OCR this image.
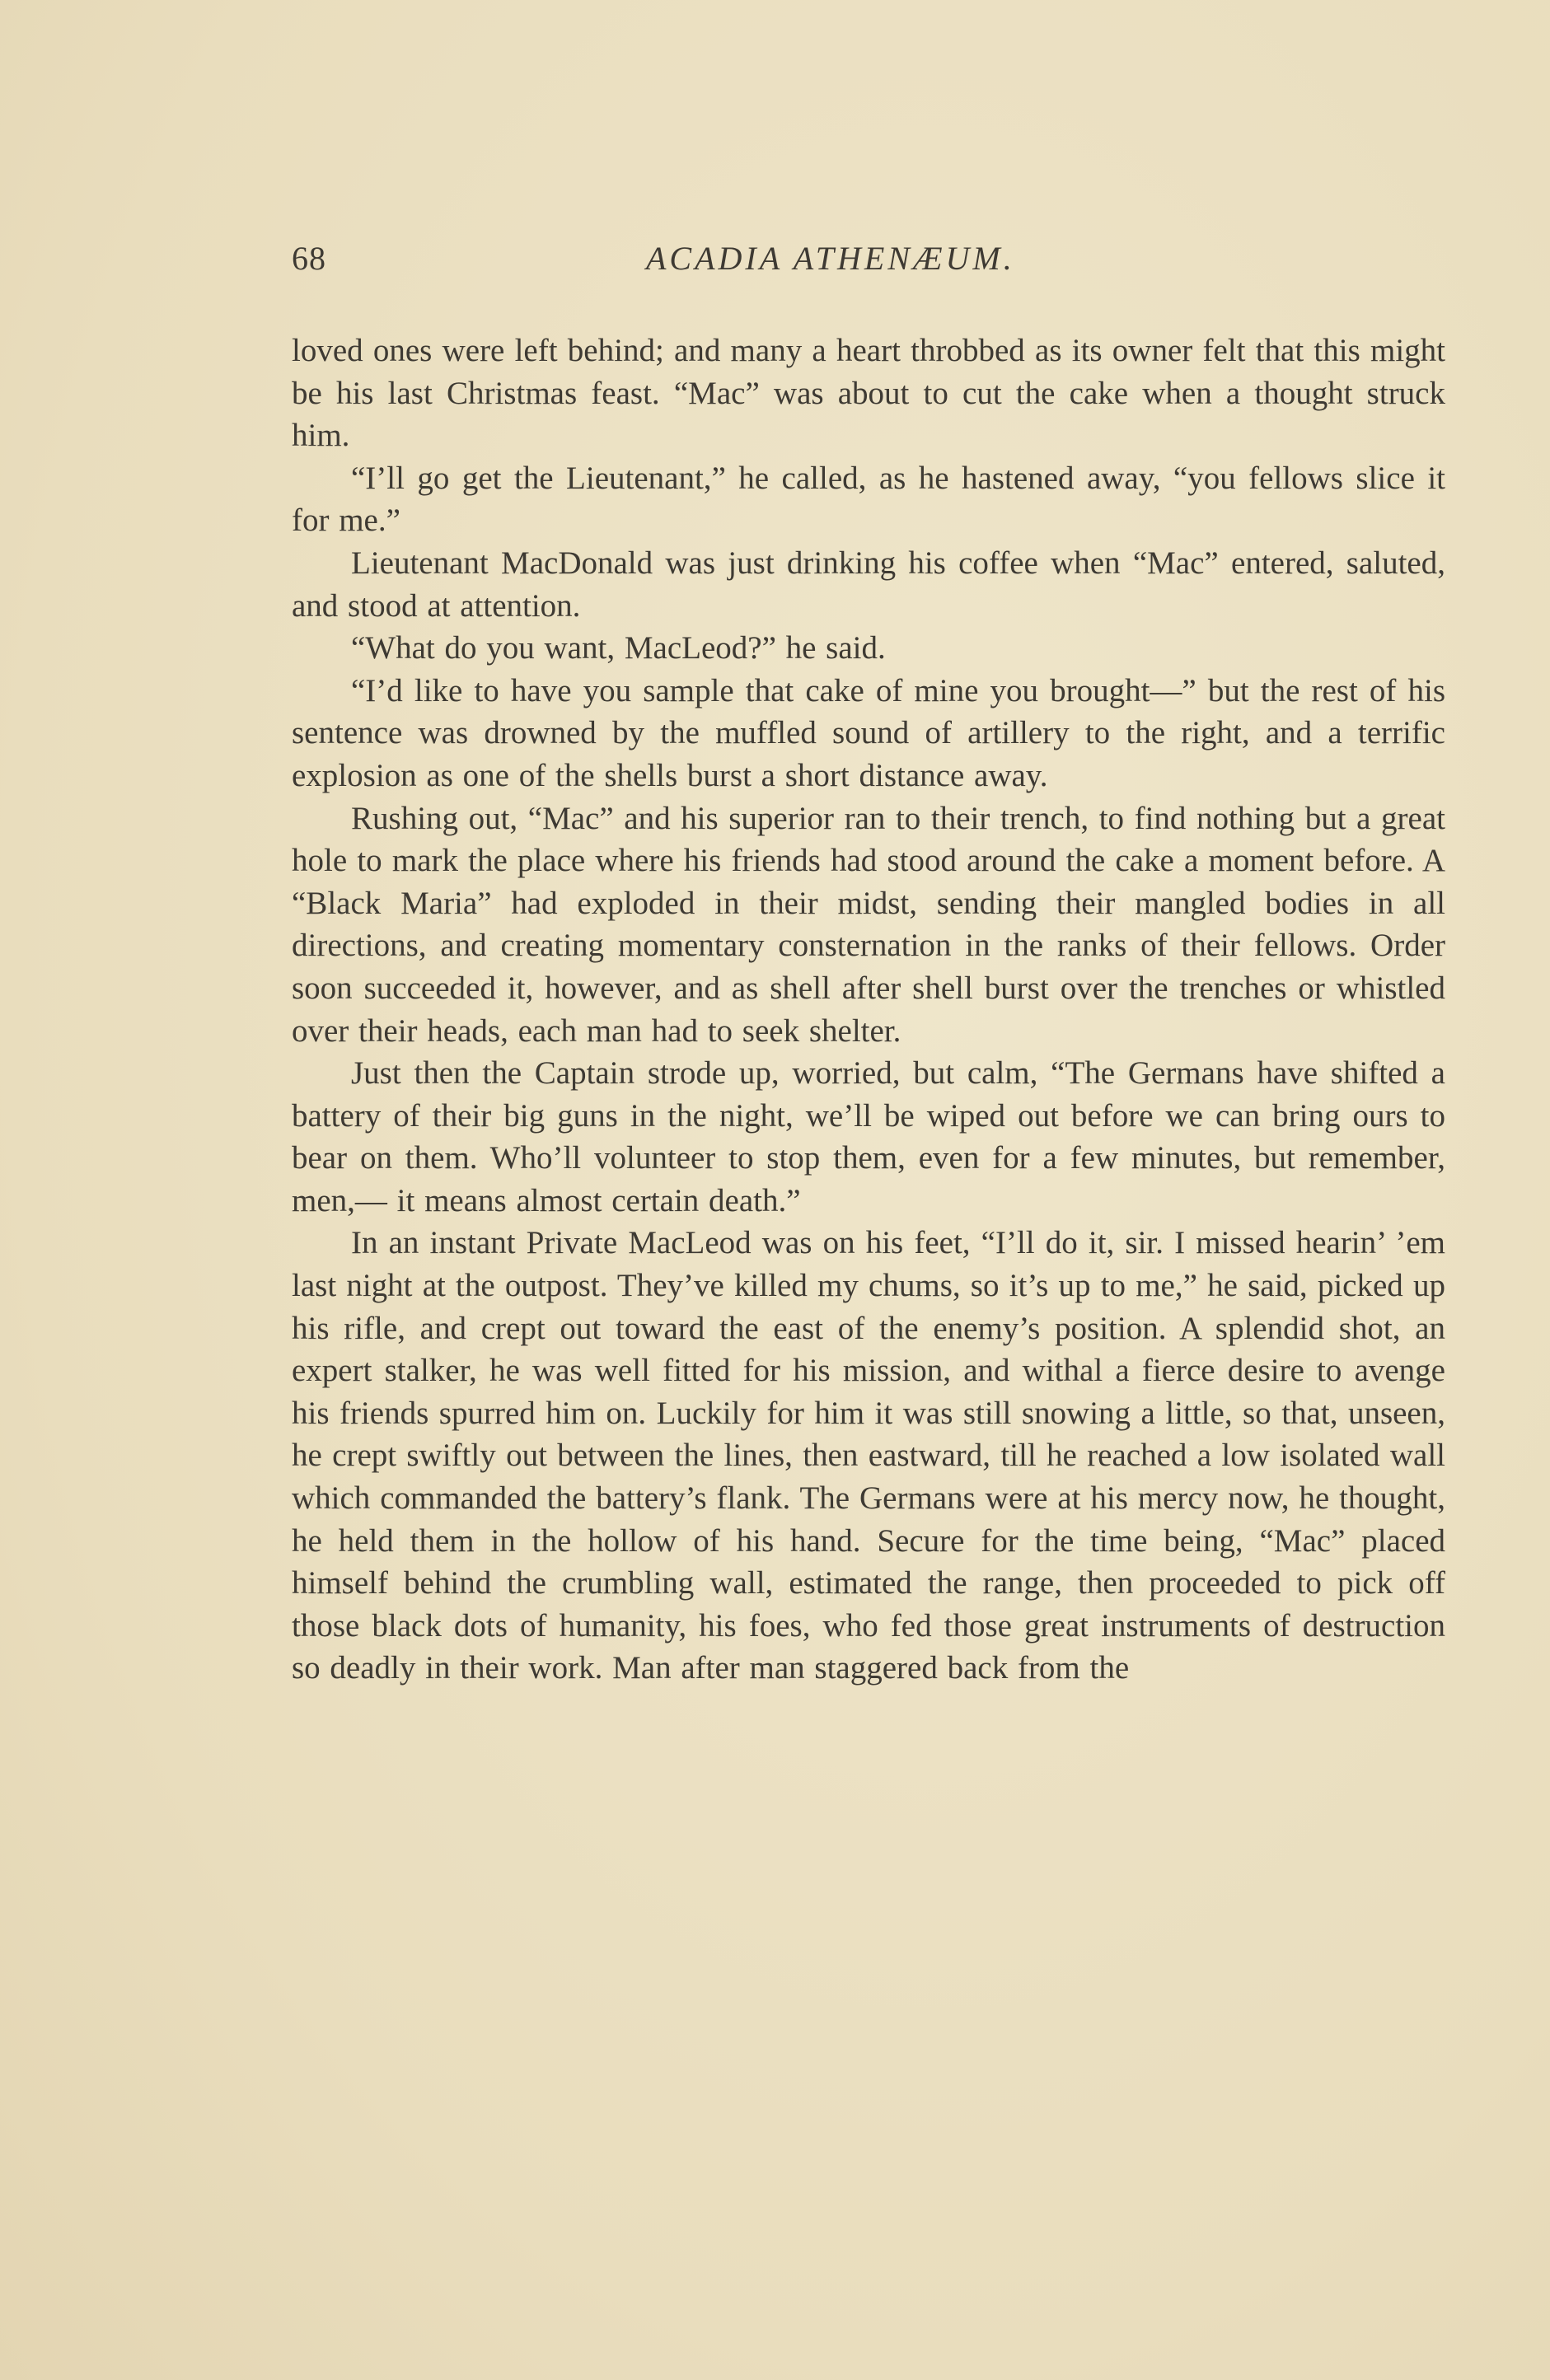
68	ACADIA ATHENÆUM.

loved ones were left behind; and many a heart throbbed as its owner felt that this might be his last Christmas feast. “Mac” was about to cut the cake when a thought struck him.

“I’ll go get the Lieutenant,” he called, as he hastened away, “you fellows slice it for me.”

Lieutenant MacDonald was just drinking his coffee when “Mac” entered, saluted, and stood at attention.

“What do you want, MacLeod?” he said.

“I’d like to have you sample that cake of mine you brought—” but the rest of his sentence was drowned by the muffled sound of artillery to the right, and a terrific explosion as one of the shells burst a short distance away.

Rushing out, “Mac” and his superior ran to their trench, to find nothing but a great hole to mark the place where his friends had stood around the cake a moment before. A “Black Maria” had exploded in their midst, sending their mangled bodies in all directions, and creating momentary consternation in the ranks of their fellows. Order soon succeeded it, however, and as shell after shell burst over the trenches or whistled over their heads, each man had to seek shelter.

Just then the Captain strode up, worried, but calm, “The Germans have shifted a battery of their big guns in the night, we’ll be wiped out before we can bring ours to bear on them. Who’ll volunteer to stop them, even for a few minutes, but remember, men,— it means almost certain death.”

In an instant Private MacLeod was on his feet, “I’ll do it, sir. I missed hearin’ ’em last night at the outpost. They’ve killed my chums, so it’s up to me,” he said, picked up his rifle, and crept out toward the east of the enemy’s position. A splendid shot, an expert stalker, he was well fitted for his mission, and withal a fierce desire to avenge his friends spurred him on. Luckily for him it was still snowing a little, so that, unseen, he crept swiftly out between the lines, then eastward, till he reached a low isolated wall which commanded the battery’s flank. The Germans were at his mercy now, he thought, he held them in the hollow of his hand. Secure for the time being, “Mac” placed himself behind the crumbling wall, estimated the range, then proceeded to pick off those black dots of humanity, his foes, who fed those great instruments of destruction so deadly in their work. Man after man staggered back from the
